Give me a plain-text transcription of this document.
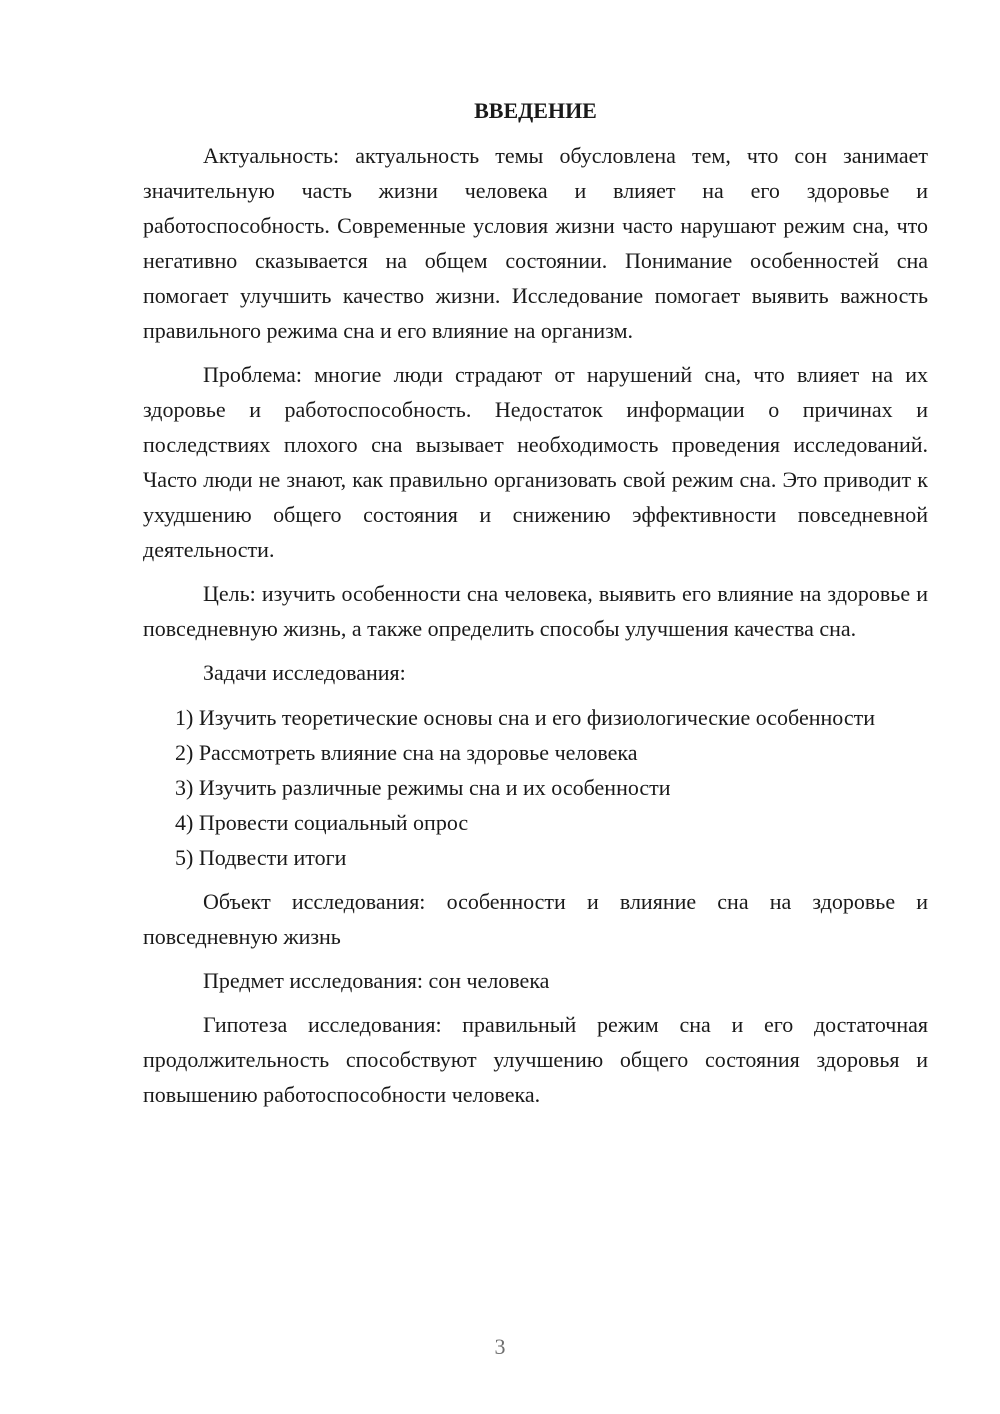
ВВЕДЕНИЕ

Актуальность: актуальность темы обусловлена тем, что сон занимает значительную часть жизни человека и влияет на его здоровье и работоспособность. Современные условия жизни часто нарушают режим сна, что негативно сказывается на общем состоянии. Понимание особенностей сна помогает улучшить качество жизни. Исследование помогает выявить важность правильного режима сна и его влияние на организм.

Проблема: многие люди страдают от нарушений сна, что влияет на их здоровье и работоспособность. Недостаток информации о причинах и последствиях плохого сна вызывает необходимость проведения исследований. Часто люди не знают, как правильно организовать свой режим сна. Это приводит к ухудшению общего состояния и снижению эффективности повседневной деятельности.

Цель: изучить особенности сна человека, выявить его влияние на здоровье и повседневную жизнь, а также определить способы улучшения качества сна.

Задачи исследования:

1) Изучить теоретические основы сна и его физиологические особенности

2) Рассмотреть влияние сна на здоровье человека

3) Изучить различные режимы сна и их особенности

4) Провести социальный опрос

5) Подвести итоги

Объект исследования: особенности и влияние сна на здоровье и повседневную жизнь

Предмет исследования: сон человека

Гипотеза исследования: правильный режим сна и его достаточная продолжительность способствуют улучшению общего состояния здоровья и повышению работоспособности человека.

3
